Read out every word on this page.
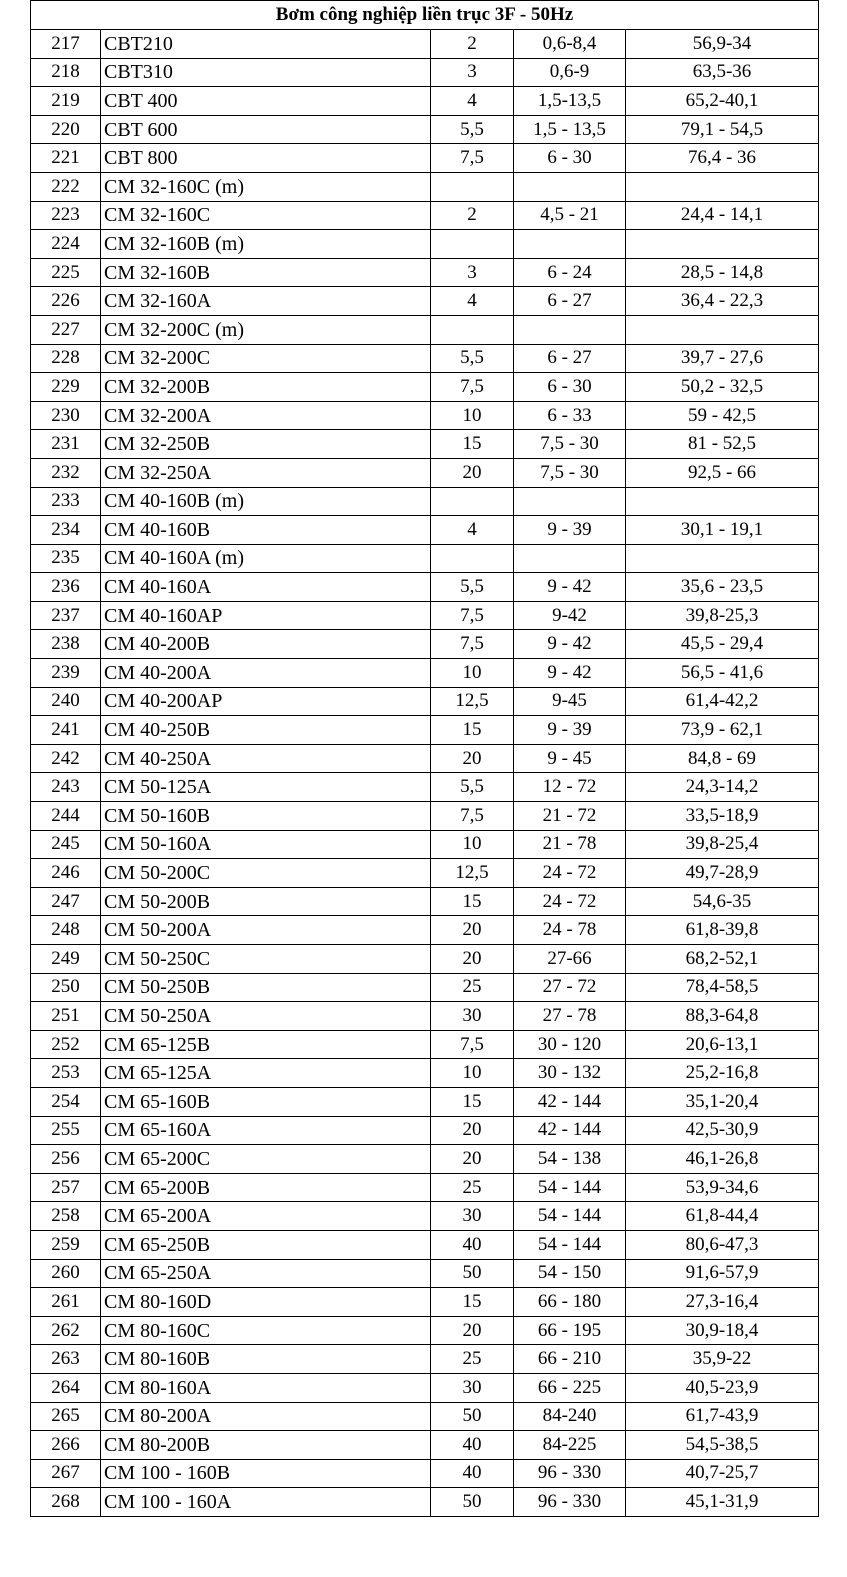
Bơm công nghiệp liền trục 3F - 50Hz				
217	CBT210	2	0,6-8,4	56,9-34
218	CBT310	3	0,6-9	63,5-36
219	CBT 400	4	1,5-13,5	65,2-40,1
220	CBT 600	5,5	1,5 - 13,5	79,1 - 54,5
221	CBT 800	7,5	6 - 30	76,4 - 36
222	CM 32-160C (m)			
223	CM 32-160C	2	4,5 - 21	24,4 - 14,1
224	CM 32-160B (m)			
225	CM 32-160B	3	6 - 24	28,5 - 14,8
226	CM 32-160A	4	6 - 27	36,4 - 22,3
227	CM 32-200C (m)			
228	CM 32-200C	5,5	6 - 27	39,7 - 27,6
229	CM 32-200B	7,5	6 - 30	50,2 - 32,5
230	CM 32-200A	10	6 - 33	59 - 42,5
231	CM 32-250B	15	7,5 - 30	81 - 52,5
232	CM 32-250A	20	7,5 - 30	92,5 - 66
233	CM 40-160B (m)			
234	CM 40-160B	4	9 - 39	30,1 - 19,1
235	CM 40-160A (m)			
236	CM 40-160A	5,5	9 - 42	35,6 - 23,5
237	CM 40-160AP	7,5	9-42	39,8-25,3
238	CM 40-200B	7,5	9 - 42	45,5 - 29,4
239	CM 40-200A	10	9 - 42	56,5 - 41,6
240	CM 40-200AP	12,5	9-45	61,4-42,2
241	CM 40-250B	15	9 - 39	73,9 - 62,1
242	CM 40-250A	20	9 - 45	84,8 - 69
243	CM 50-125A	5,5	12 - 72	24,3-14,2
244	CM 50-160B	7,5	21 - 72	33,5-18,9
245	CM 50-160A	10	21 - 78	39,8-25,4
246	CM 50-200C	12,5	24 - 72	49,7-28,9
247	CM 50-200B	15	24 - 72	54,6-35
248	CM 50-200A	20	24 - 78	61,8-39,8
249	CM 50-250C	20	27-66	68,2-52,1
250	CM 50-250B	25	27 - 72	78,4-58,5
251	CM 50-250A	30	27 - 78	88,3-64,8
252	CM 65-125B	7,5	30 - 120	20,6-13,1
253	CM 65-125A	10	30 - 132	25,2-16,8
254	CM 65-160B	15	42 - 144	35,1-20,4
255	CM 65-160A	20	42 - 144	42,5-30,9
256	CM 65-200C	20	54 - 138	46,1-26,8
257	CM 65-200B	25	54 - 144	53,9-34,6
258	CM 65-200A	30	54 - 144	61,8-44,4
259	CM 65-250B	40	54 - 144	80,6-47,3
260	CM 65-250A	50	54 - 150	91,6-57,9
261	CM 80-160D	15	66 - 180	27,3-16,4
262	CM 80-160C	20	66 - 195	30,9-18,4
263	CM 80-160B	25	66 - 210	35,9-22
264	CM 80-160A	30	66 - 225	40,5-23,9
265	CM 80-200A	50	84-240	61,7-43,9
266	CM 80-200B	40	84-225	54,5-38,5
267	CM 100 - 160B	40	96 - 330	40,7-25,7
268	CM 100 - 160A	50	96 - 330	45,1-31,9
